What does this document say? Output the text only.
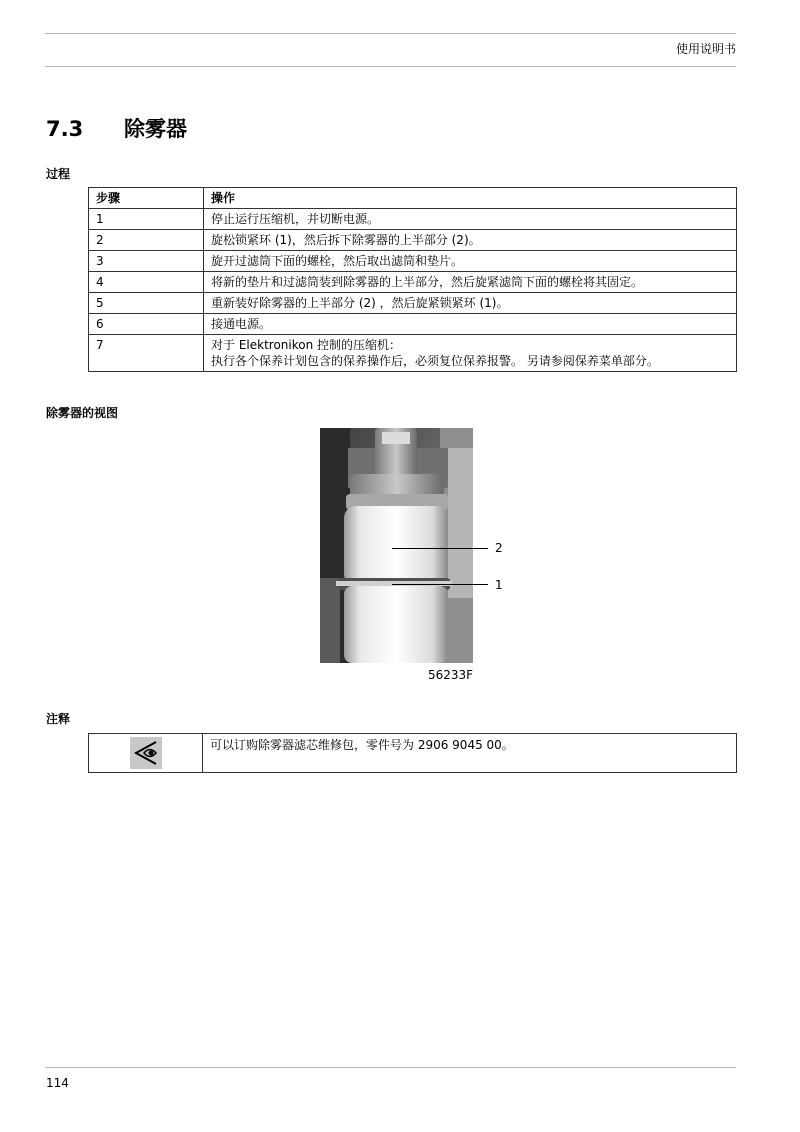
使用说明书
7.3 除雾器
过程
步骤	操作
1	停止运行压缩机，并切断电源。
2	旋松锁紧环 (1)，然后拆下除雾器的上半部分 (2)。
3	旋开过滤筒下面的螺栓，然后取出滤筒和垫片。
4	将新的垫片和过滤筒装到除雾器的上半部分，然后旋紧滤筒下面的螺栓将其固定。
5	重新装好除雾器的上半部分 (2) ，然后旋紧锁紧环 (1)。
6	接通电源。
7	对于 Elektronikon 控制的压缩机：
执行各个保养计划包含的保养操作后，必须复位保养报警。 另请参阅保养菜单部分。
除雾器的视图
2
1
56233F
注释
	可以订购除雾器滤芯维修包，零件号为 2906 9045 00。
114
